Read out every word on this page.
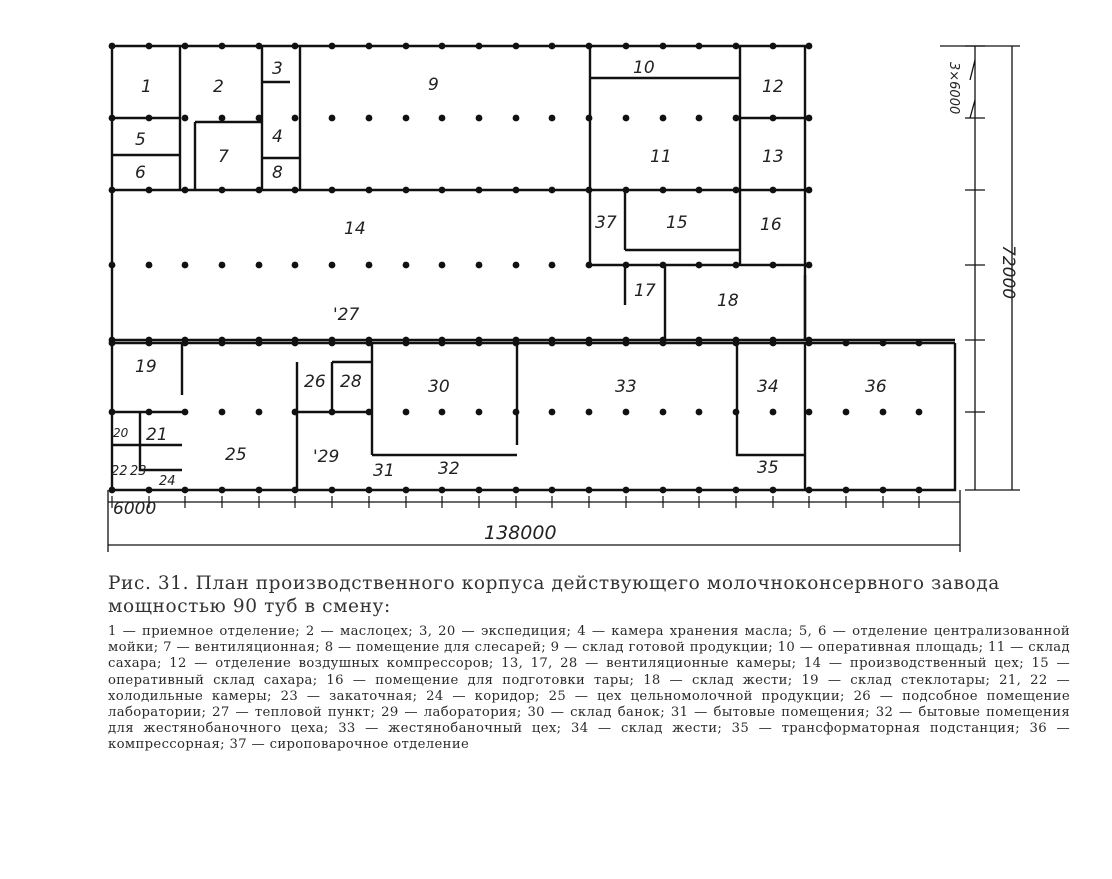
6000
138000
72000
3×6000
1	2
3
4
5
6
7
8
9
10
11
12
13
14	15	16
17	18
19
20 21
22 23
24
25
26
'27
28
'29
30
31	32
33	34
35
36
37
Рис. 31. План производственного корпуса действующего молочноконсервного завода мощностью 90 туб в смену:
1 — приемное отделение; 2 — маслоцех; 3, 20 — экспедиция; 4 — камера хранения масла; 5, 6 — отделение централизованной мойки; 7 — вентиляционная; 8 — помещение для слесарей; 9 — склад готовой продукции; 10 — оперативная площадь; 11 — склад сахара; 12 — отделение воздушных компрессоров; 13, 17, 28 — вентиляционные камеры; 14 — производственный цех; 15 — оперативный склад сахара; 16 — помещение для подготовки тары; 18 — склад жести; 19 — склад стеклотары; 21, 22 — холодильные камеры; 23 — закаточная; 24 — коридор; 25 — цех цельномолочной продукции; 26 — подсобное помещение лаборатории; 27 — тепловой пункт; 29 — лаборатория; 30 — склад банок; 31 — бытовые помещения; 32 — бытовые помещения для жестянобаночного цеха; 33 — жестянобаночный цех; 34 — склад жести; 35 — трансформаторная подстанция; 36 — компрессорная; 37 — сироповарочное отделение
